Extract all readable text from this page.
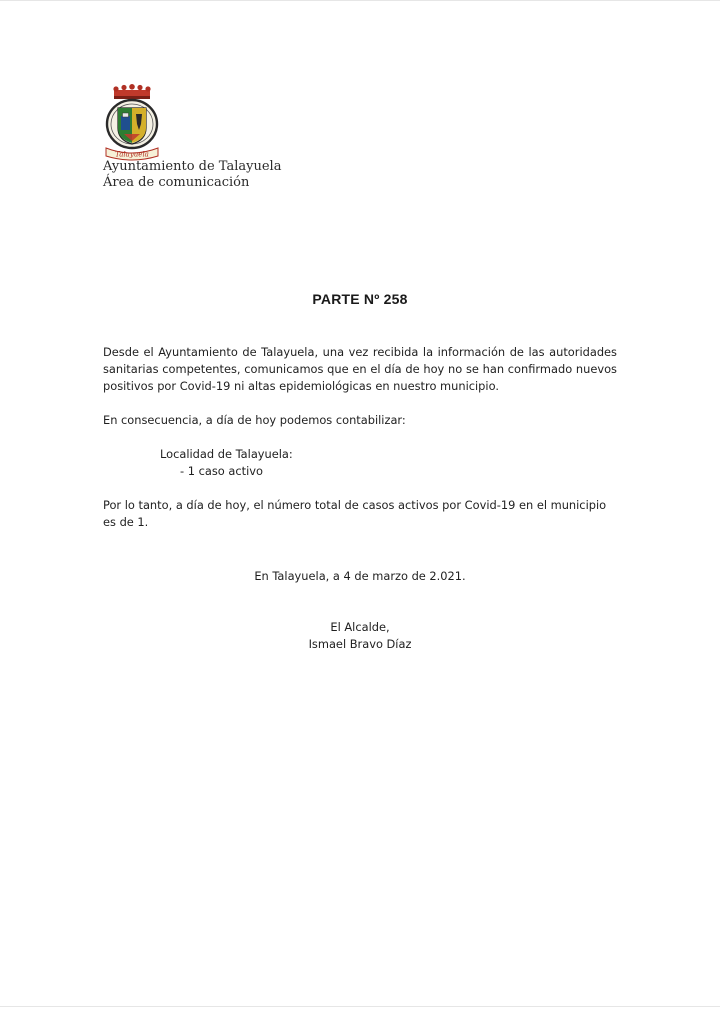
Talayuela
Ayuntamiento de Talayuela
Área de comunicación
PARTE Nº 258
Desde el Ayuntamiento de Talayuela, una vez recibida la información de las autoridades sanitarias competentes, comunicamos que en el día de hoy no se han confirmado nuevos positivos por Covid-19 ni altas epidemiológicas en nuestro municipio.
En consecuencia, a día de hoy podemos contabilizar:
Localidad de Talayuela:
- 1 caso activo
Por lo tanto, a día de hoy, el número total de casos activos por Covid-19 en el municipio es de 1.
En Talayuela, a 4 de marzo de 2.021.
El Alcalde,
Ismael Bravo Díaz
